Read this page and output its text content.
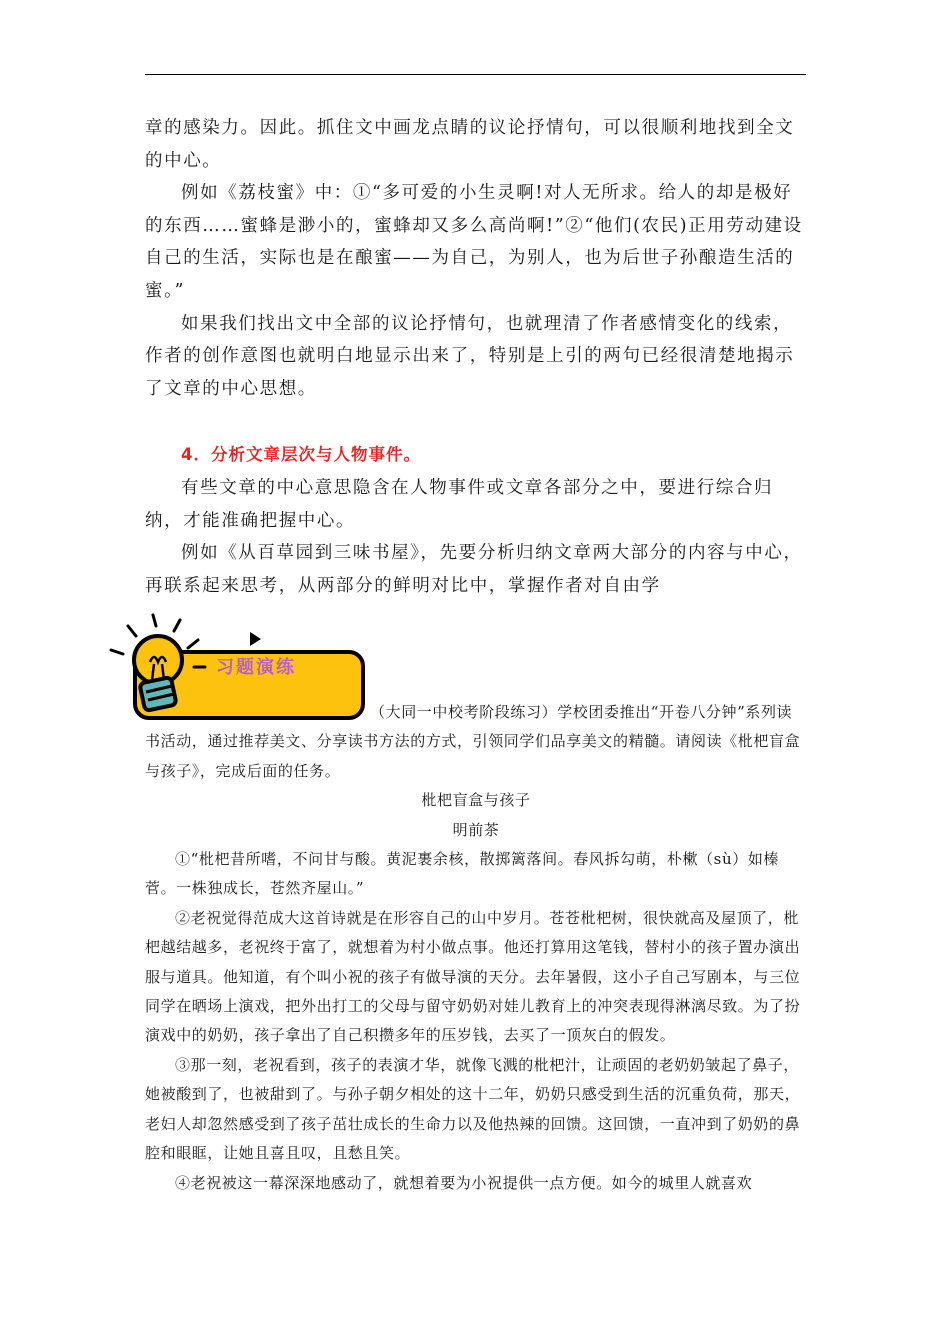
章的感染力。因此。抓住文中画龙点睛的议论抒情句，可以很顺利地找到全文的中心。

例如《荔枝蜜》中：①“多可爱的小生灵啊!对人无所求。给人的却是极好的东西……蜜蜂是渺小的，蜜蜂却又多么高尚啊!”②“他们(农民)正用劳动建设自己的生活，实际也是在酿蜜——为自己，为别人，也为后世子孙酿造生活的蜜。”

如果我们找出文中全部的议论抒情句，也就理清了作者感情变化的线索，作者的创作意图也就明白地显示出来了，特别是上引的两句已经很清楚地揭示了文章的中心思想。

4．分析文章层次与人物事件。

有些文章的中心意思隐含在人物事件或文章各部分之中，要进行综合归纳，才能准确把握中心。

例如《从百草园到三味书屋》，先要分析归纳文章两大部分的内容与中心，再联系起来思考，从两部分的鲜明对比中，掌握作者对自由学

习题演练

（大同一中校考阶段练习）学校团委推出“开卷八分钟”系列读书活动，通过推荐美文、分享读书方法的方式，引领同学们品享美文的精髓。请阅读《枇杷盲盒与孩子》，完成后面的任务。

枇杷盲盒与孩子

明前茶

①“枇杷昔所嗜，不问甘与酸。黄泥裹余核，散掷篱落间。春风拆勾萌，朴樕（sù）如榛菅。一株独成长，苍然齐屋山。”

②老祝觉得范成大这首诗就是在形容自己的山中岁月。苍苍枇杷树，很快就高及屋顶了，枇杷越结越多，老祝终于富了，就想着为村小做点事。他还打算用这笔钱，替村小的孩子置办演出服与道具。他知道，有个叫小祝的孩子有做导演的天分。去年暑假，这小子自己写剧本，与三位同学在晒场上演戏，把外出打工的父母与留守奶奶对娃儿教育上的冲突表现得淋漓尽致。为了扮演戏中的奶奶，孩子拿出了自己积攒多年的压岁钱，去买了一顶灰白的假发。

③那一刻，老祝看到，孩子的表演才华，就像飞溅的枇杷汁，让顽固的老奶奶皱起了鼻子，她被酸到了，也被甜到了。与孙子朝夕相处的这十二年，奶奶只感受到生活的沉重负荷，那天，老妇人却忽然感受到了孩子茁壮成长的生命力以及他热辣的回馈。这回馈，一直冲到了奶奶的鼻腔和眼眶，让她且喜且叹，且愁且笑。

④老祝被这一幕深深地感动了，就想着要为小祝提供一点方便。如今的城里人就喜欢
